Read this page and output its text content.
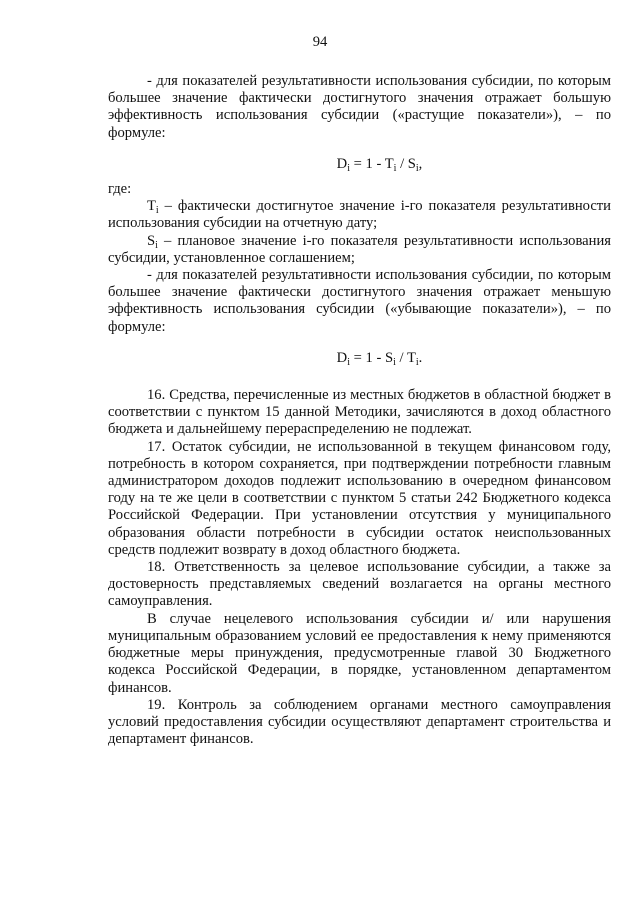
94

- для показателей результативности использования субсидии, по которым большее значение фактически достигнутого значения отражает большую эффективность использования субсидии («растущие показатели»), – по формуле:

$D_i = 1 - T_i / S_i$,

где:

$T_i$ – фактически достигнутое значение i-го показателя результативности использования субсидии на отчетную дату;

$S_i$ – плановое значение i-го показателя результативности использования субсидии, установленное соглашением;

- для показателей результативности использования субсидии, по которым большее значение фактически достигнутого значения отражает меньшую эффективность использования субсидии («убывающие показатели»), – по формуле:

$D_i = 1 - S_i / T_i$.

16. Средства, перечисленные из местных бюджетов в областной бюджет в соответствии с пунктом 15 данной Методики, зачисляются в доход областного бюджета и дальнейшему перераспределению не подлежат.

17. Остаток субсидии, не использованной в текущем финансовом году, потребность в котором сохраняется, при подтверждении потребности главным администратором доходов подлежит использованию в очередном финансовом году на те же цели в соответствии с пунктом 5 статьи 242 Бюджетного кодекса Российской Федерации. При установлении отсутствия у муниципального образования области потребности в субсидии остаток неиспользованных средств подлежит возврату в доход областного бюджета.

18. Ответственность за целевое использование субсидии, а также за достоверность представляемых сведений возлагается на органы местного самоуправления.

В случае нецелевого использования субсидии и/ или нарушения муниципальным образованием условий ее предоставления к нему применяются бюджетные меры принуждения, предусмотренные главой 30 Бюджетного кодекса Российской Федерации, в порядке, установленном департаментом финансов.

19. Контроль за соблюдением органами местного самоуправления условий предоставления субсидии осуществляют департамент строительства и департамент финансов.
